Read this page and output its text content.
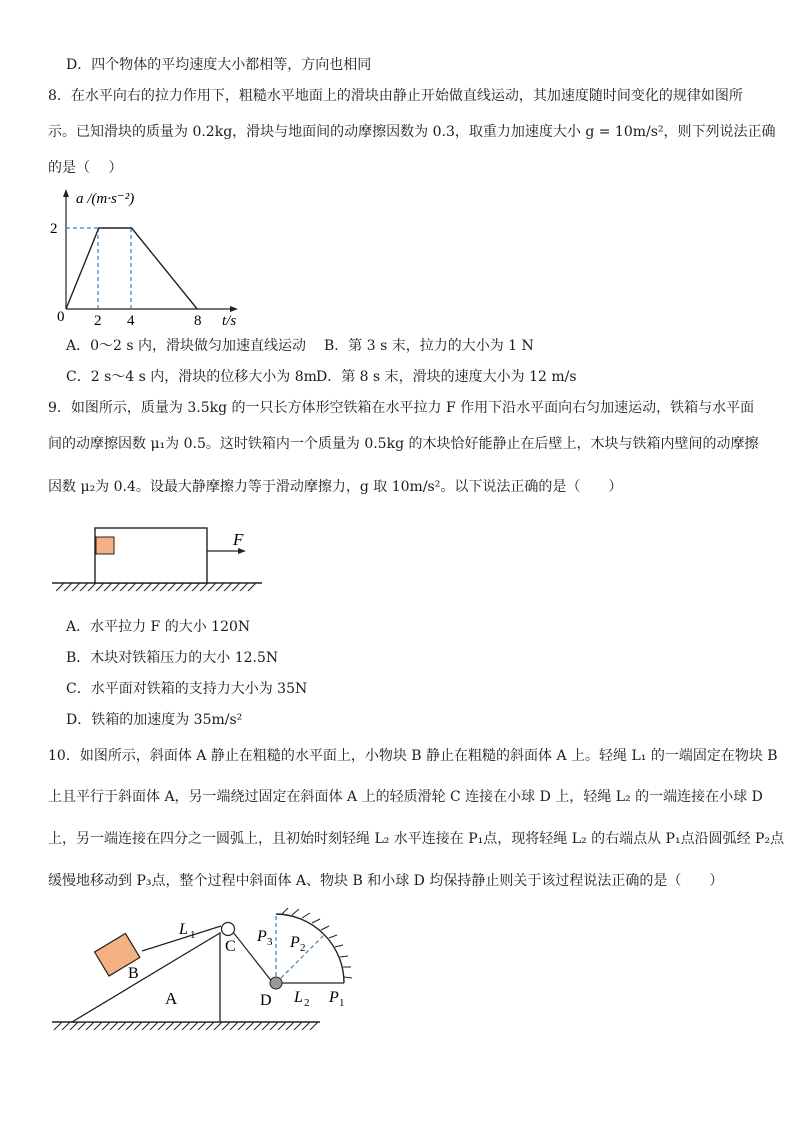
D．四个物体的平均速度大小都相等，方向也相同
8．在水平向右的拉力作用下，粗糙水平地面上的滑块由静止开始做直线运动，其加速度随时间变化的规律如图所
示。已知滑块的质量为 0.2kg，滑块与地面间的动摩擦因数为 0.3，取重力加速度大小 g = 10m/s²，则下列说法正确
的是（　 ）
a /(m·s⁻²)
2
0 2 4	8 t/s
A．0～2 s 内，滑块做匀加速直线运动 B．第 3 s 末，拉力的大小为 1 N
C．2 s～4 s 内，滑块的位移大小为 8m D．第 8 s 末，滑块的速度大小为 12 m/s
9．如图所示，质量为 3.5kg 的一只长方体形空铁箱在水平拉力 F 作用下沿水平面向右匀加速运动，铁箱与水平面
间的动摩擦因数 μ₁为 0.5。这时铁箱内一个质量为 0.5kg 的木块恰好能静止在后壁上，木块与铁箱内壁间的动摩擦
因数 μ₂为 0.4。设最大静摩擦力等于滑动摩擦力，g 取 10m/s²。以下说法正确的是（　　）
F
A．水平拉力 F 的大小 120N
B．木块对铁箱压力的大小 12.5N
C．水平面对铁箱的支持力大小为 35N
D．铁箱的加速度为 35m/s²
10．如图所示，斜面体 A 静止在粗糙的水平面上，小物块 B 静止在粗糙的斜面体 A 上。轻绳 L₁ 的一端固定在物块 B
上且平行于斜面体 A，另一端绕过固定在斜面体 A 上的轻质滑轮 C 连接在小球 D 上，轻绳 L₂ 的一端连接在小球 D
上，另一端连接在四分之一圆弧上，且初始时刻轻绳 L₂ 水平连接在 P₁点，现将轻绳 L₂ 的右端点从 P₁点沿圆弧经 P₂点
缓慢地移动到 P₃点，整个过程中斜面体 A、物块 B 和小球 D 均保持静止则关于该过程说法正确的是（　　）
A
B
L 1
C
D L 2 P 1
P 2
P 3
